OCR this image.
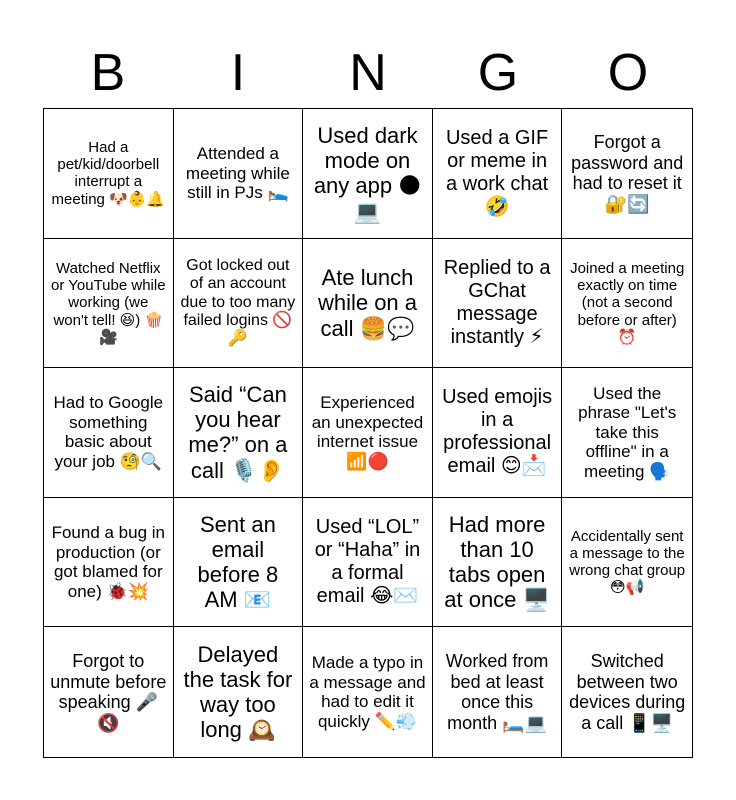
B	I	N	G	O
Had a pet/kid/doorbell interrupt a meeting 🐶👶🔔
Attended a meeting while still in PJs 🛌
Used dark mode on any app 🌑💻
Used a GIF or meme in a work chat 🤣
Forgot a password and had to reset it 🔐🔄
Watched Netflix or YouTube while working (we won't tell! 😆) 🍿🎥
Got locked out of an account due to too many failed logins 🚫🔑
Ate lunch while on a call 🍔💬
Replied to a GChat message instantly ⚡
Joined a meeting exactly on time (not a second before or after) ⏰
Had to Google something basic about your job 🧐🔍
Said “Can you hear me?” on a call 🎙️👂
Experienced an unexpected internet issue 📶🔴
Used emojis in a professional email 😊📩
Used the phrase "Let's take this offline" in a meeting 🗣️
Found a bug in production (or got blamed for one) 🐞💥
Sent an email before 8 AM 📧
Used “LOL” or “Haha” in a formal email 😂✉️
Had more than 10 tabs open at once 🖥️
Accidentally sent a message to the wrong chat group😳📢
Forgot to unmute before speaking 🎤🔇
Delayed the task for way too long 🕰️
Made a typo in a message and had to edit it quickly ✏️💨
Worked from bed at least once this month 🛏️💻
Switched between two devices during a call 📱🖥️
